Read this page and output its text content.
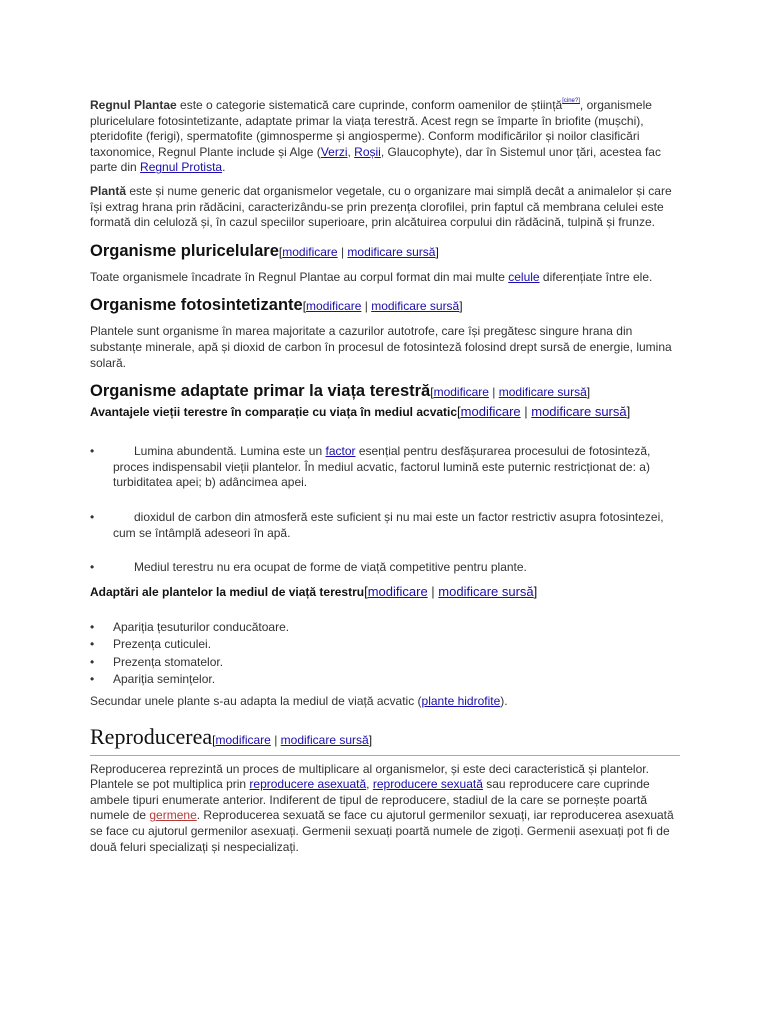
Regnul Plantae este o categorie sistematică care cuprinde, conform oamenilor de știință[cine?], organismele pluricelulare fotosintetizante, adaptate primar la viața terestră. Acest regn se împarte în briofite (mușchi), pteridofite (ferigi), spermatofite (gimnosperme și angiosperme). Conform modificărilor și noilor clasificări taxonomice, Regnul Plante include și Alge (Verzi, Roșii, Glaucophyte), dar în Sistemul unor țări, acestea fac parte din Regnul Protista.

Plantă este și nume generic dat organismelor vegetale, cu o organizare mai simplă decât a animalelor și care își extrag hrana prin rădăcini, caracterizându-se prin prezența clorofilei, prin faptul că membrana celulei este formată din celuloză și, în cazul speciilor superioare, prin alcătuirea corpului din rădăcină, tulpină și frunze.

Organisme pluricelulare[modificare | modificare sursă]

Toate organismele încadrate în Regnul Plantae au corpul format din mai multe celule diferențiate între ele.

Organisme fotosintetizante[modificare | modificare sursă]

Plantele sunt organisme în marea majoritate a cazurilor autotrofe, care își pregătesc singure hrana din substanțe minerale, apă și dioxid de carbon în procesul de fotosinteză folosind drept sursă de energie, lumina solară.

Organisme adaptate primar la viața terestră[modificare | modificare sursă]
Avantajele vieții terestre în comparație cu viața în mediul acvatic[modificare | modificare sursă]
•	Lumina abundentă. Lumina este un factor esențial pentru desfășurarea procesului de fotosinteză, proces indispensabil vieții plantelor. În mediul acvatic, factorul lumină este puternic restricționat de: a) turbiditatea apei; b) adâncimea apei.
•	dioxidul de carbon din atmosferă este suficient și nu mai este un factor restrictiv asupra fotosintezei, cum se întâmplă adeseori în apă.
•	Mediul terestru nu era ocupat de forme de viață competitive pentru plante.
Adaptări ale plantelor la mediul de viață terestru[modificare | modificare sursă]
• Apariția țesuturilor conducătoare.
• Prezența cuticulei.
• Prezența stomatelor.
• Apariția semințelor.

Secundar unele plante s-au adapta la mediul de viață acvatic (plante hidrofite).

Reproducerea[modificare | modificare sursă]

Reproducerea reprezintă un proces de multiplicare al organismelor, și este deci caracteristică și plantelor. Plantele se pot multiplica prin reproducere asexuată, reproducere sexuată sau reproducere care cuprinde ambele tipuri enumerate anterior. Indiferent de tipul de reproducere, stadiul de la care se pornește poartă numele de germene. Reproducerea sexuată se face cu ajutorul germenilor sexuați, iar reproducerea asexuată se face cu ajutorul germenilor asexuați. Germenii sexuați poartă numele de zigoți. Germenii asexuați pot fi de două feluri specializați și nespecializați.
